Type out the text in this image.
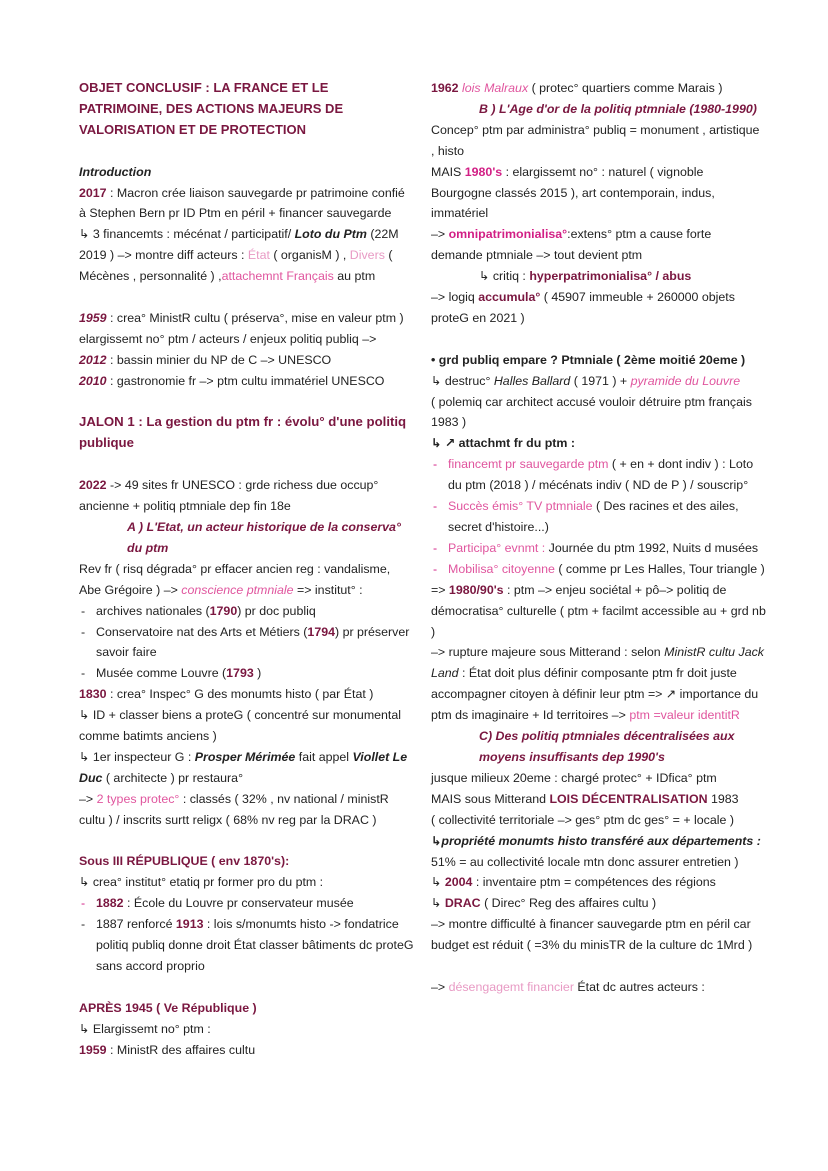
OBJET CONCLUSIF : LA FRANCE ET LE PATRIMOINE, DES ACTIONS MAJEURS DE VALORISATION ET DE PROTECTION

Introduction

2017 : Macron crée liaison sauvegarde pr patrimoine confié à Stephen Bern pr ID Ptm en péril + financer sauvegarde

↳ 3 financemts : mécénat / participatif/ Loto du Ptm (22M 2019 ) –> montre diff acteurs : État ( organisM ) , Divers ( Mécènes , personnalité ) ,attachemnt Français au ptm

1959 : crea° MinistR cultu ( préserva°, mise en valeur ptm ) elargissemt no° ptm / acteurs / enjeux politiq publiq –>

2012 : bassin minier du NP de C –> UNESCO

2010 : gastronomie fr –> ptm cultu immatériel UNESCO

JALON 1 : La gestion du ptm fr : évolu° d'une politiq publique

2022 -> 49 sites fr UNESCO : grde richess due occup° ancienne + politiq ptmniale dep fin 18e

A ) L'Etat, un acteur historique de la conserva° du ptm

Rev fr ( risq dégrada° pr effacer ancien reg : vandalisme, Abe Grégoire ) –> conscience ptmniale => institut° :

- archives nationales (1790) pr doc publiq

- Conservatoire nat des Arts et Métiers (1794) pr préserver savoir faire

- Musée comme Louvre (1793 )

1830 : crea° Inspec° G des monumts histo ( par État )

↳ ID + classer biens a proteG ( concentré sur monumental comme batimts anciens )

↳ 1er inspecteur G : Prosper Mérimée fait appel Viollet Le Duc ( architecte ) pr restaura°

–> 2 types protec° : classés ( 32% , nv national / ministR cultu ) / inscrits surtt religx ( 68% nv reg par la DRAC )

Sous III RÉPUBLIQUE ( env 1870's):

↳ crea° institut° etatiq pr former pro du ptm :

- 1882 : École du Louvre pr conservateur musée

- 1887 renforcé 1913 : lois s/monumts histo -> fondatrice politiq publiq donne droit État classer bâtiments dc proteG sans accord proprio

APRÈS 1945 ( Ve République )

↳ Elargissemt no° ptm :

1959 : MinistR des affaires cultu

1962 lois Malraux ( protec° quartiers comme Marais )

B ) L'Age d'or de la politiq ptmniale (1980-1990)

Concep° ptm par administra° publiq = monument , artistique , histo

MAIS 1980's : elargissemt no° : naturel ( vignoble Bourgogne classés 2015 ), art contemporain, indus, immatériel

–> omnipatrimonialisa°:extens° ptm a cause forte demande ptmniale –> tout devient ptm

↳ critiq : hyperpatrimonialisa° / abus

–> logiq accumula° ( 45907 immeuble + 260000 objets proteG en 2021 )

• grd publiq empare ? Ptmniale ( 2ème moitié 20eme )

↳ destruc° Halles Ballard ( 1971 ) + pyramide du Louvre

( polemiq car architect accusé vouloir détruire ptm français 1983 )

↳ ↗ attachmt fr du ptm :

- financemt pr sauvegarde ptm ( + en + dont indiv ) : Loto du ptm (2018 ) / mécénats indiv ( ND de P ) / souscrip°

- Succès émis° TV ptmniale ( Des racines et des ailes, secret d'histoire...)

- Participa° evnmt : Journée du ptm 1992, Nuits d musées

- Mobilisa° citoyenne ( comme pr Les Halles, Tour triangle )

=> 1980/90's : ptm –> enjeu sociétal + pô–> politiq de démocratisa° culturelle ( ptm + facilmt accessible au + grd nb )

–> rupture majeure sous Mitterand : selon MinistR cultu Jack Land : État doit plus définir composante ptm fr doit juste accompagner citoyen à définir leur ptm => ↗ importance du ptm ds imaginaire + Id territoires –> ptm =valeur identitR

C) Des politiq ptmniales décentralisées aux moyens insuffisants dep 1990's

jusque milieux 20eme : chargé protec° + IDfica° ptm

MAIS sous Mitterand LOIS DÉCENTRALISATION 1983

( collectivité territoriale –> ges° ptm dc ges° = + locale )

↳propriété monumts histo transféré aux départements :

51% = au collectivité locale mtn donc assurer entretien )

↳ 2004 : inventaire ptm = compétences des régions

↳ DRAC ( Direc° Reg des affaires cultu )

–> montre difficulté à financer sauvegarde ptm en péril car budget est réduit ( =3% du minisTR de la culture dc 1Mrd )

–> désengagemt financier État dc autres acteurs :
